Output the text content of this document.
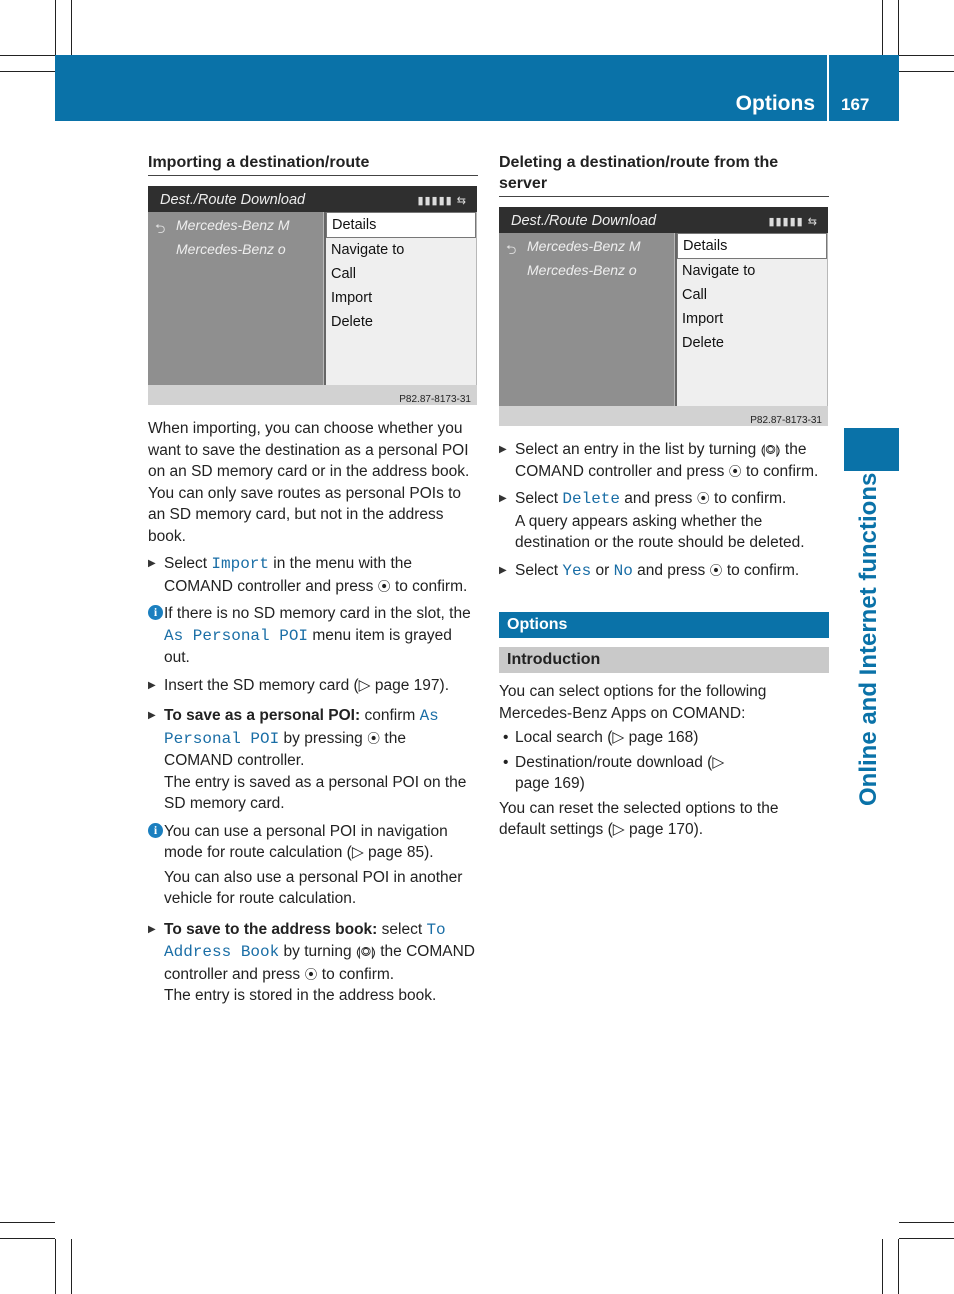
Options 167
Online and Internet functions
Importing a destination/route
Dest./Route Download	▮▮▮▮▮ ⇆
⮌ Mercedes-Benz M
Mercedes-Benz o
Details
Navigate to
Call
Import
Delete
P82.87-8173-31
When importing, you can choose whether you want to save the destination as a personal POI on an SD memory card or in the address book. You can only save routes as personal POIs to an SD memory card, but not in the address book.
▶ Select Import in the menu with the COMAND controller and press ⦿ to confirm.
i If there is no SD memory card in the slot, the As Personal POI menu item is grayed out.
▶ Insert the SD memory card (▷ page 197).
▶ To save as a personal POI: confirm As Personal POI by pressing ⦿ the COMAND controller.
The entry is saved as a personal POI on the SD memory card.
i You can use a personal POI in navigation mode for route calculation (▷ page 85).
You can also use a personal POI in another vehicle for route calculation.
▶ To save to the address book: select To Address Book by turning ⟬◎⟭ the COMAND controller and press ⦿ to confirm.
The entry is stored in the address book.
Deleting a destination/route from the server
Dest./Route Download	▮▮▮▮▮ ⇆
⮌ Mercedes-Benz M
Mercedes-Benz o
Details
Navigate to
Call
Import
Delete
P82.87-8173-31
▶ Select an entry in the list by turning ⟬◎⟭ the COMAND controller and press ⦿ to confirm.
▶ Select Delete and press ⦿ to confirm.
A query appears asking whether the destination or the route should be deleted.
▶ Select Yes or No and press ⦿ to confirm.
Options
Introduction
You can select options for the following Mercedes-Benz Apps on COMAND:
• Local search (▷ page 168)
• Destination/route download (▷ page 169)
You can reset the selected options to the default settings (▷ page 170).
